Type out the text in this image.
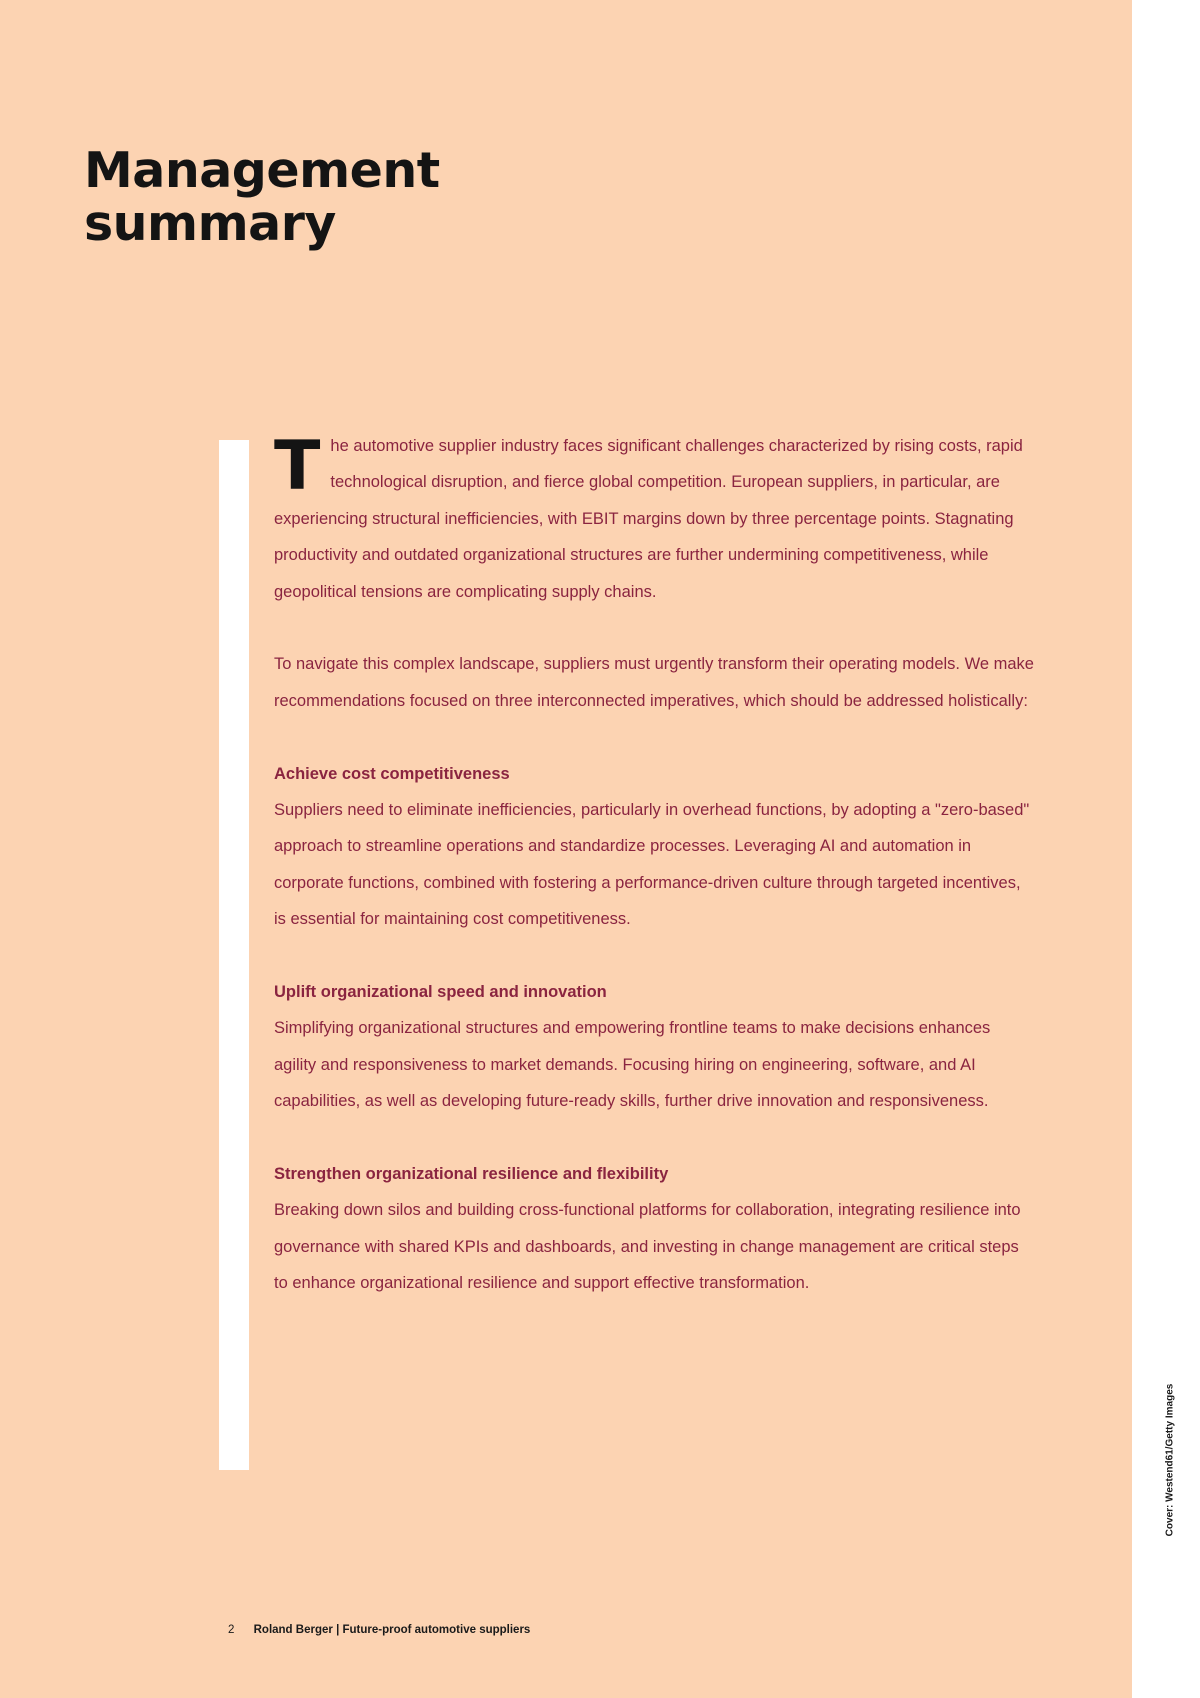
Management
summary

The automotive supplier industry faces significant challenges characterized by rising costs, rapid technological disruption, and fierce global competition. European suppliers, in particular, are experiencing structural inefficiencies, with EBIT margins down by three percentage points. Stagnating productivity and outdated organizational structures are further undermining competitiveness, while geopolitical tensions are complicating supply chains.

To navigate this complex landscape, suppliers must urgently transform their operating models. We make recommendations focused on three interconnected imperatives, which should be addressed holistically:

Achieve cost competitiveness
Suppliers need to eliminate inefficiencies, particularly in overhead functions, by adopting a "zero-based" approach to streamline operations and standardize processes. Leveraging AI and automation in corporate functions, combined with fostering a performance-driven culture through targeted incentives, is essential for maintaining cost competitiveness.

Uplift organizational speed and innovation
Simplifying organizational structures and empowering frontline teams to make decisions enhances agility and responsiveness to market demands. Focusing hiring on engineering, software, and AI capabilities, as well as developing future-ready skills, further drive innovation and responsiveness.

Strengthen organizational resilience and flexibility
Breaking down silos and building cross-functional platforms for collaboration, integrating resilience into governance with shared KPIs and dashboards, and investing in change management are critical steps to enhance organizational resilience and support effective transformation.

2 Roland Berger | Future-proof automotive suppliers
Cover: Westend61/Getty Images
